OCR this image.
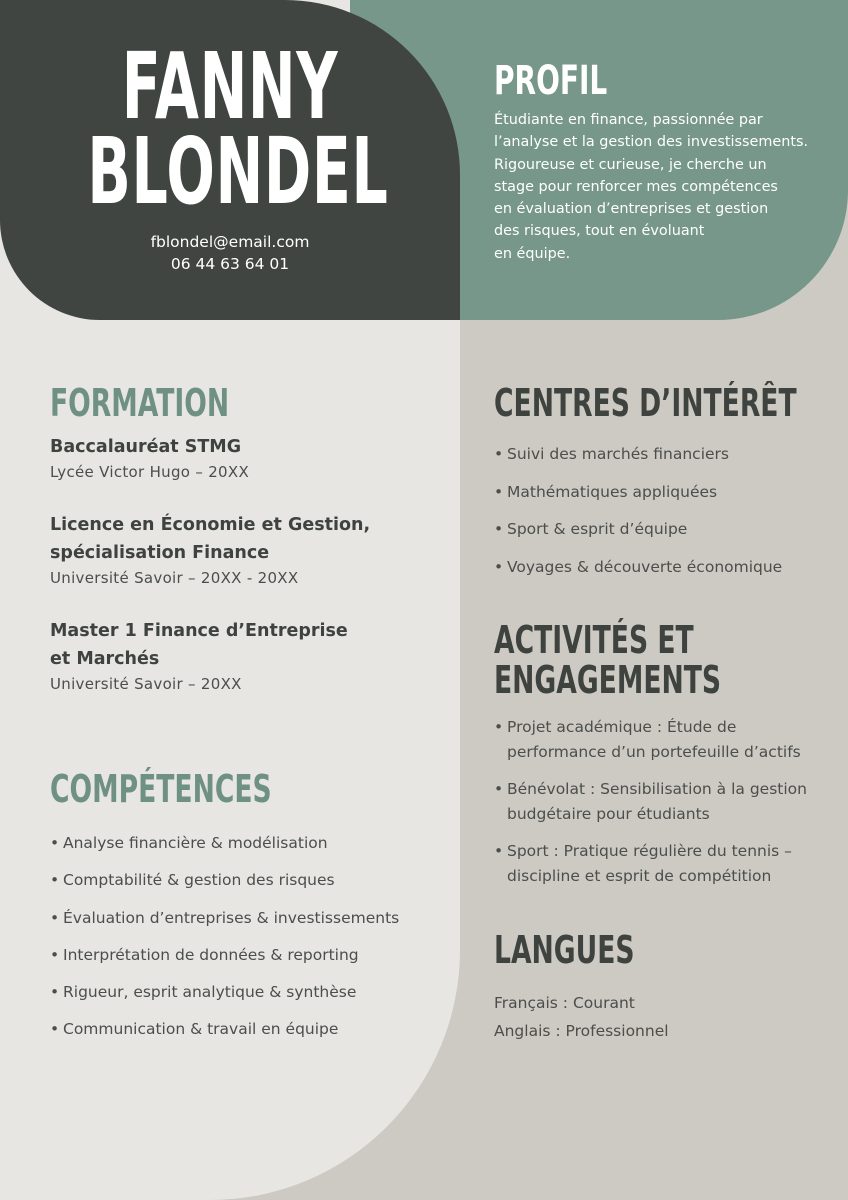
FANNY
BLONDEL
fblondel@email.com
06 44 63 64 01
PROFIL
Étudiante en finance, passionnée par
l’analyse et la gestion des investissements.
Rigoureuse et curieuse, je cherche un
stage pour renforcer mes compétences
en évaluation d’entreprises et gestion
des risques, tout en évoluant
en équipe.
FORMATION
Baccalauréat STMG
Lycée Victor Hugo – 20XX
Licence en Économie et Gestion,
spécialisation Finance
Université Savoir – 20XX - 20XX
Master 1 Finance d’Entreprise
et Marchés
Université Savoir – 20XX
COMPÉTENCES
• Analyse financière & modélisation
• Comptabilité & gestion des risques
• Évaluation d’entreprises & investissements
• Interprétation de données & reporting
• Rigueur, esprit analytique & synthèse
• Communication & travail en équipe
CENTRES D’INTÉRÊT
• Suivi des marchés financiers
• Mathématiques appliquées
• Sport & esprit d’équipe
• Voyages & découverte économique
ACTIVITÉS ET
ENGAGEMENTS
• Projet académique : Étude de
performance d’un portefeuille d’actifs
• Bénévolat : Sensibilisation à la gestion
budgétaire pour étudiants
• Sport : Pratique régulière du tennis –
discipline et esprit de compétition
LANGUES
Français : Courant
Anglais : Professionnel
